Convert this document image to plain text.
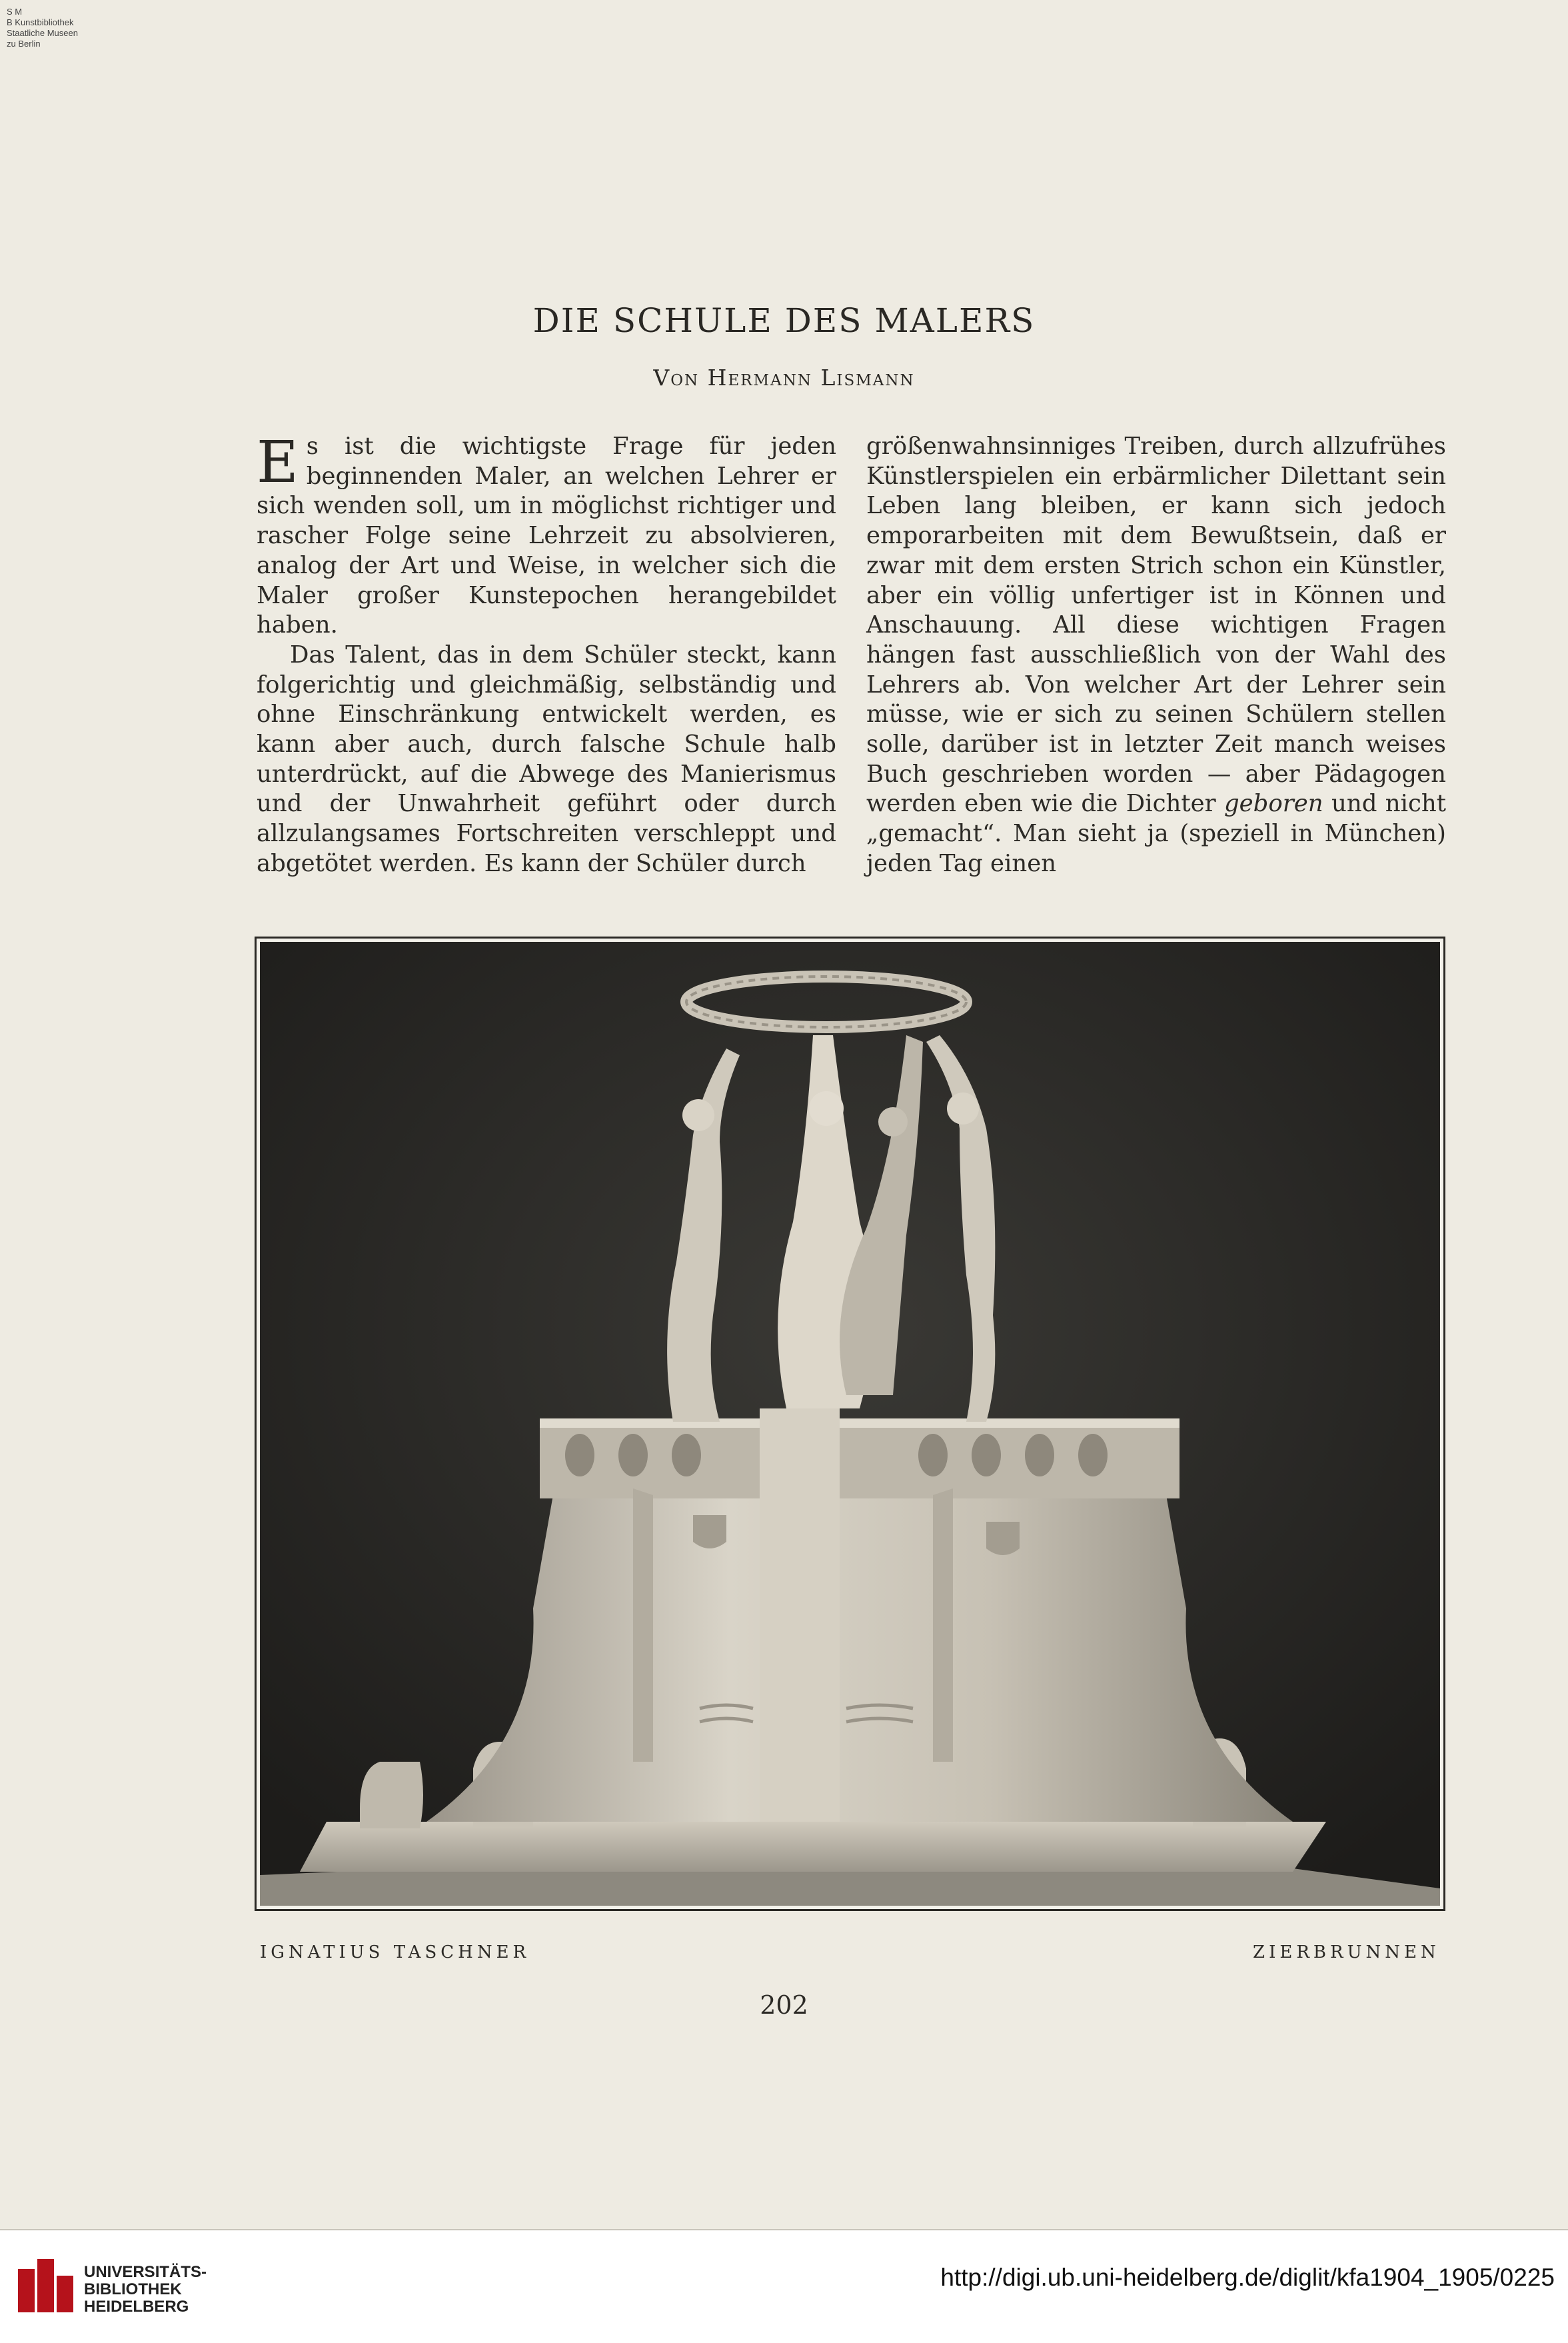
S M
B Kunstbibliothek
Staatliche Museen
zu Berlin
DIE SCHULE DES MALERS
Von Hermann Lismann

Es ist die wichtigste Frage für jeden beginnenden Maler, an welchen Lehrer er sich wenden soll, um in möglichst richtiger und rascher Folge seine Lehrzeit zu absolvieren, analog der Art und Weise, in welcher sich die Maler großer Kunstepochen herangebildet haben.

Das Talent, das in dem Schüler steckt, kann folgerichtig und gleichmäßig, selbständig und ohne Einschränkung entwickelt werden, es kann aber auch, durch falsche Schule halb unterdrückt, auf die Abwege des Manierismus und der Unwahrheit geführt oder durch allzulangsames Fortschreiten verschleppt und abgetötet werden. Es kann der Schüler durch

größenwahnsinniges Treiben, durch allzufrühes Künstlerspielen ein erbärmlicher Dilettant sein Leben lang bleiben, er kann sich jedoch emporarbeiten mit dem Bewußtsein, daß er zwar mit dem ersten Strich schon ein Künstler, aber ein völlig unfertiger ist in Können und Anschauung. All diese wichtigen Fragen hängen fast ausschließlich von der Wahl des Lehrers ab. Von welcher Art der Lehrer sein müsse, wie er sich zu seinen Schülern stellen solle, darüber ist in letzter Zeit manch weises Buch geschrieben worden — aber Pädagogen werden eben wie die Dichter geboren und nicht „gemacht“. Man sieht ja (speziell in München) jeden Tag einen

IGNATIUS TASCHNER	ZIERBRUNNEN
202
UNIVERSITÄTS-
BIBLIOTHEK
HEIDELBERG
http://digi.ub.uni-heidelberg.de/diglit/kfa1904_1905/0225
